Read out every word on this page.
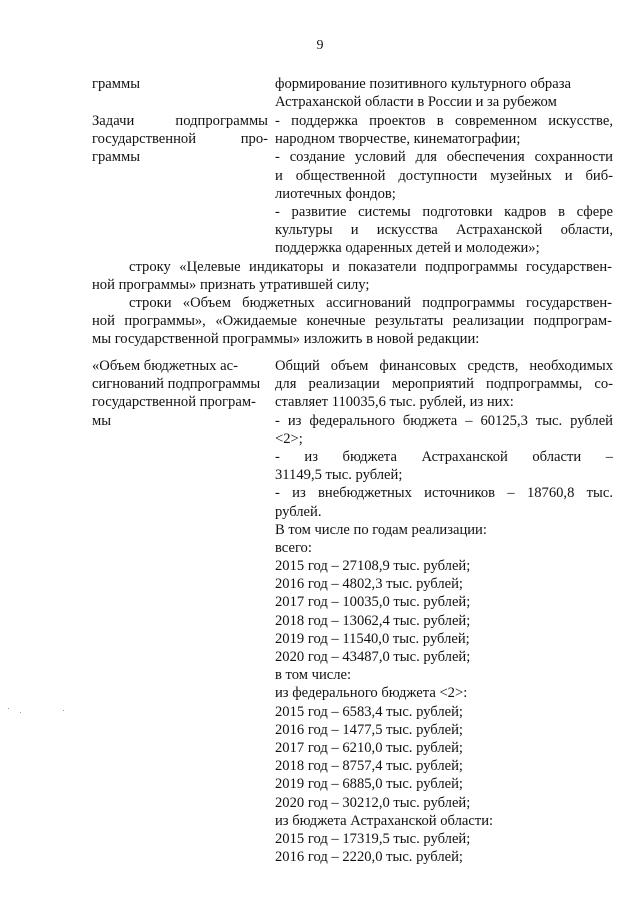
9
граммы	формирование позитивного культурного образа
Астраханской области в России и за рубежом
Задачи подпрограммы
государственной про-
граммы
- поддержка проектов в современном искусстве,
народном творчестве, кинематографии;
- создание условий для обеспечения сохранности
и общественной доступности музейных и биб-
лиотечных фондов;
- развитие системы подготовки кадров в сфере
культуры и искусства Астраханской области,
поддержка одаренных детей и молодежи»;
строку «Целевые индикаторы и показатели подпрограммы государствен-
ной программы» признать утратившей силу;
строки «Объем бюджетных ассигнований подпрограммы государствен-
ной программы», «Ожидаемые конечные результаты реализации подпрограм-
мы государственной программы» изложить в новой редакции:
«Объем бюджетных ас-
сигнований подпрограммы
государственной програм-
мы
Общий объем финансовых средств, необходимых
для реализации мероприятий подпрограммы, со-
ставляет 110035,6 тыс. рублей, из них:
- из федерального бюджета – 60125,3 тыс. рублей
<2>;
- из бюджета Астраханской области –
31149,5 тыс. рублей;
- из внебюджетных источников – 18760,8 тыс.
рублей.
В том числе по годам реализации:
всего:
2015 год – 27108,9 тыс. рублей;
2016 год – 4802,3 тыс. рублей;
2017 год – 10035,0 тыс. рублей;
2018 год – 13062,4 тыс. рублей;
2019 год – 11540,0 тыс. рублей;
2020 год – 43487,0 тыс. рублей;
в том числе:
из федерального бюджета <2>:
2015 год – 6583,4 тыс. рублей;
2016 год – 1477,5 тыс. рублей;
2017 год – 6210,0 тыс. рублей;
2018 год – 8757,4 тыс. рублей;
2019 год – 6885,0 тыс. рублей;
2020 год – 30212,0 тыс. рублей;
из бюджета Астраханской области:
2015 год – 17319,5 тыс. рублей;
2016 год – 2220,0 тыс. рублей;
